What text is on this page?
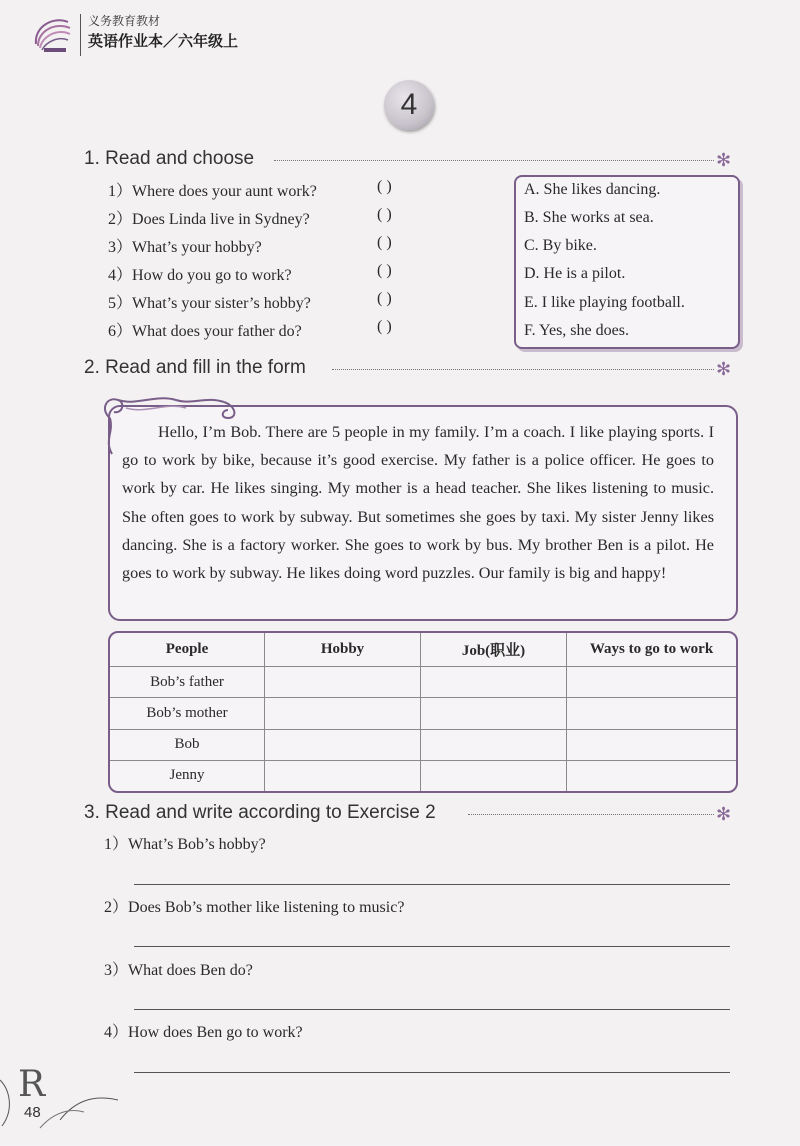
义务教育教材
英语作业本／六年级上
4
1. Read and choose	✻
1）Where does your aunt work?	( )
2）Does Linda live in Sydney?	( )
3）What’s your hobby?	( )
4）How do you go to work?	( )
5）What’s your sister’s hobby?	( )
6）What does your father do?	( )
A. She likes dancing.
B. She works at sea.
C. By bike.
D. He is a pilot.
E. I like playing football.
F. Yes, she does.
2. Read and fill in the form	✻
Hello, I’m Bob. There are 5 people in my family. I’m a coach. I like playing sports. I go to work by bike, because it’s good exercise. My father is a police officer. He goes to work by car. He likes singing. My mother is a head teacher. She likes listening to music. She often goes to work by subway. But sometimes she goes by taxi. My sister Jenny likes dancing. She is a factory worker. She goes to work by bus. My brother Ben is a pilot. He goes to work by subway. He likes doing word puzzles. Our family is big and happy!
People	Hobby	Job(职业)	Ways to go to work
Bob’s father			
Bob’s mother			
Bob			
Jenny			
3. Read and write according to Exercise 2	✻
1）What’s Bob’s hobby?
2）Does Bob’s mother like listening to music?
3）What does Ben do?
4）How does Ben go to work?
R
48
